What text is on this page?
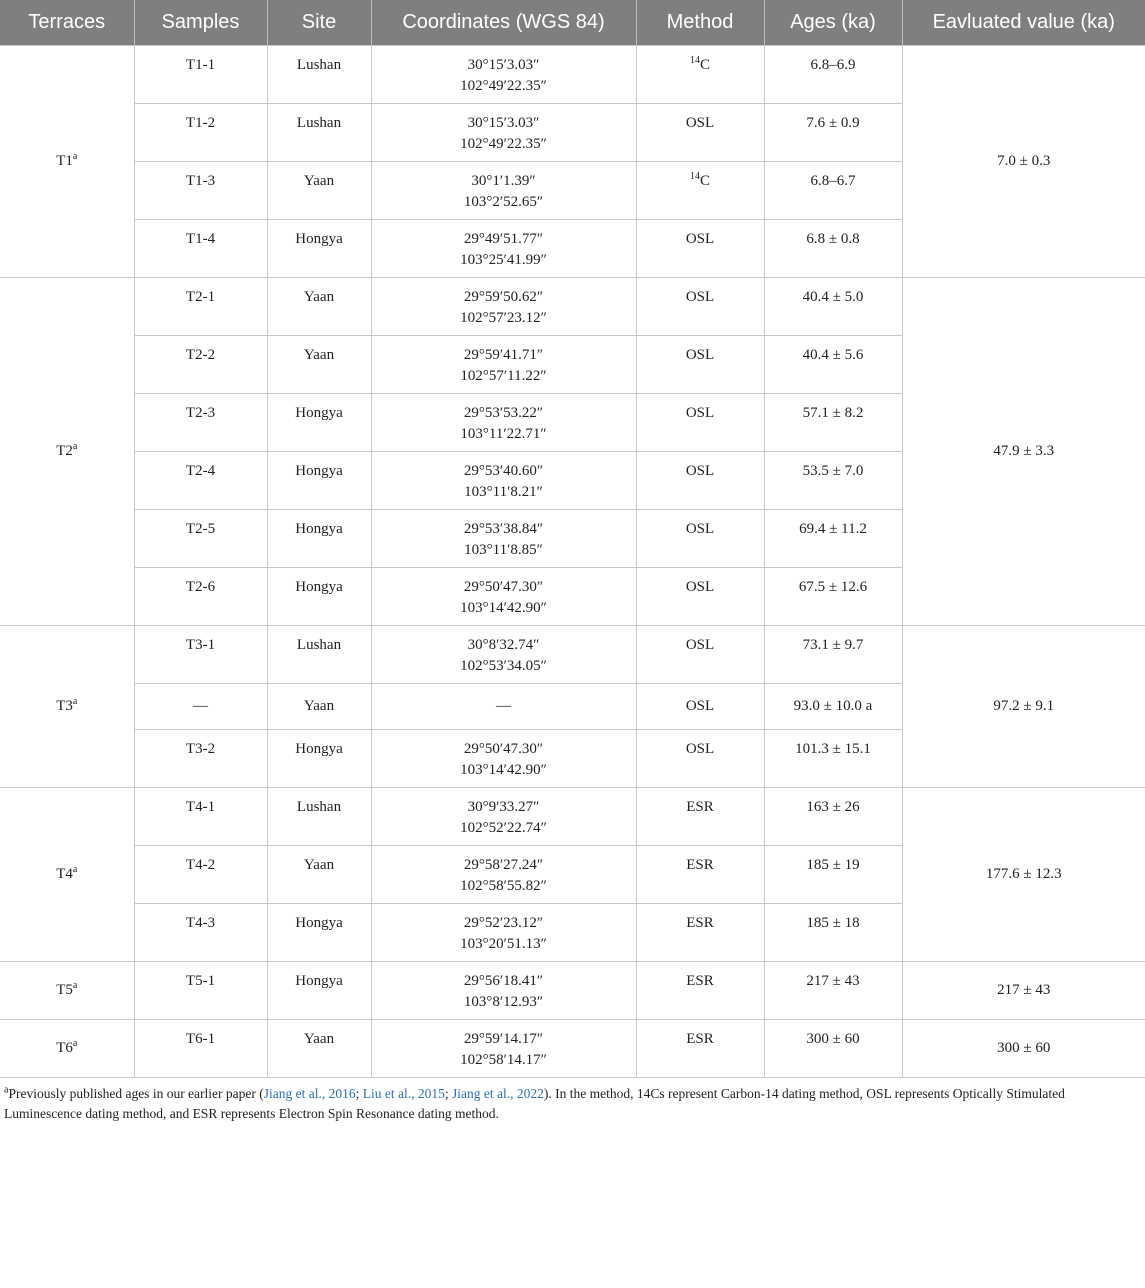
Terraces	Samples	Site	Coordinates (WGS 84)	Method	Ages (ka)	Eavluated value (ka)
T1$^a$	T1-1	Lushan	30°15′3.03″
102°49′22.35″	$^{14}$C	6.8–6.9	7.0 ± 0.3
	T1-2	Lushan	30°15′3.03″
102°49′22.35″	OSL	7.6 ± 0.9	
	T1-3	Yaan	30°1′1.39″
103°2′52.65″	$^{14}$C	6.8–6.7	
	T1-4	Hongya	29°49′51.77″
103°25′41.99″	OSL	6.8 ± 0.8	
T2$^a$	T2-1	Yaan	29°59′50.62″
102°57′23.12″	OSL	40.4 ± 5.0	47.9 ± 3.3
	T2-2	Yaan	29°59′41.71″
102°57′11.22″	OSL	40.4 ± 5.6	
	T2-3	Hongya	29°53′53.22″
103°11′22.71″	OSL	57.1 ± 8.2	
	T2-4	Hongya	29°53′40.60″
103°11′8.21″	OSL	53.5 ± 7.0	
	T2-5	Hongya	29°53′38.84″
103°11′8.85″	OSL	69.4 ± 11.2	
	T2-6	Hongya	29°50′47.30″
103°14′42.90″	OSL	67.5 ± 12.6	
T3$^a$	T3-1	Lushan	30°8′32.74″
102°53′34.05″	OSL	73.1 ± 9.7	97.2 ± 9.1
	—	Yaan	—	OSL	93.0 ± 10.0 a	
	T3-2	Hongya	29°50′47.30″
103°14′42.90″	OSL	101.3 ± 15.1	
T4$^a$	T4-1	Lushan	30°9′33.27″
102°52′22.74″	ESR	163 ± 26	177.6 ± 12.3
	T4-2	Yaan	29°58′27.24″
102°58′55.82″	ESR	185 ± 19	
	T4-3	Hongya	29°52′23.12″
103°20′51.13″	ESR	185 ± 18	
T5$^a$	T5-1	Hongya	29°56′18.41″
103°8′12.93″	ESR	217 ± 43	217 ± 43
T6$^a$	T6-1	Yaan	29°59′14.17″
102°58′14.17″	ESR	300 ± 60	300 ± 60
$^a$Previously published ages in our earlier paper (Jiang et al., 2016; Liu et al., 2015; Jiang et al., 2022). In the method, 14Cs represent Carbon-14 dating method, OSL represents Optically Stimulated Luminescence dating method, and ESR represents Electron Spin Resonance dating method.
